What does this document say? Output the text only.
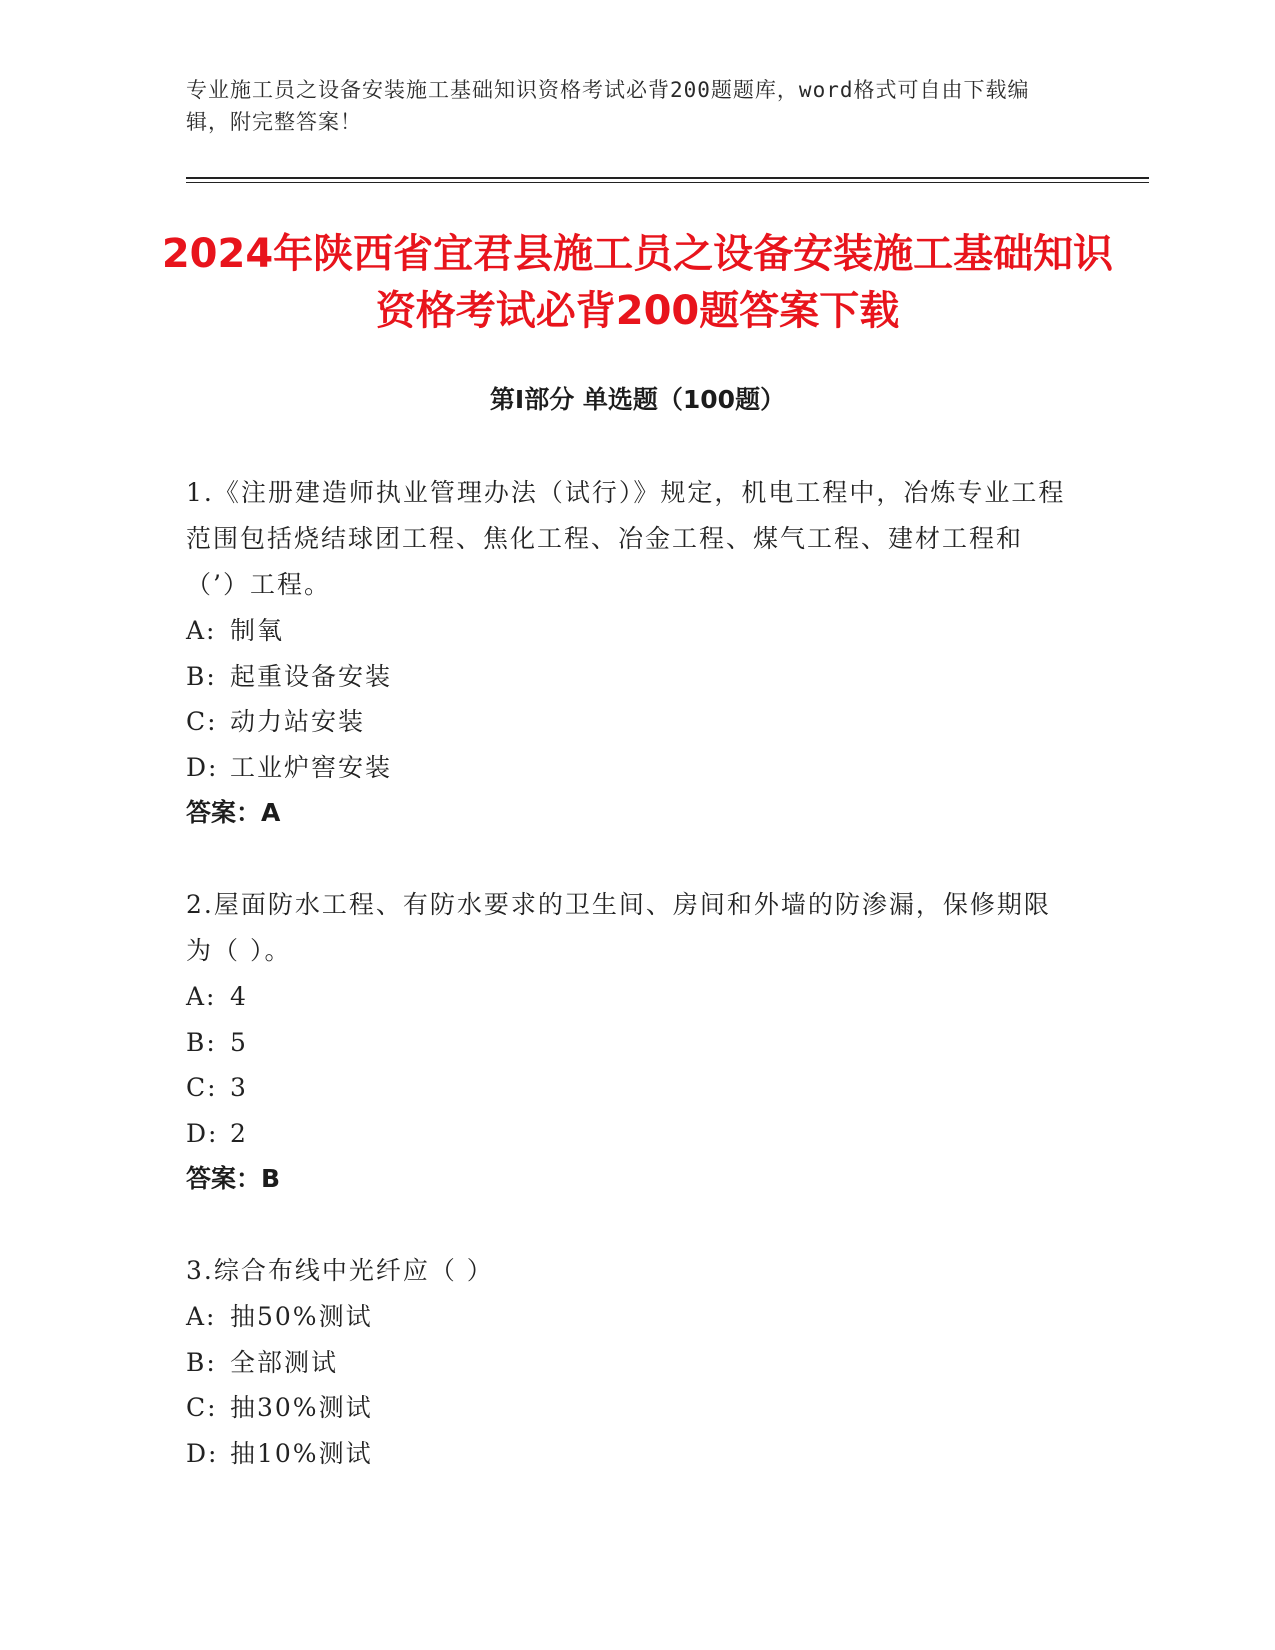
专业施工员之设备安装施工基础知识资格考试必背200题题库，word格式可自由下载编辑，附完整答案！
2024年陕西省宜君县施工员之设备安装施工基础知识资格考试必背200题答案下载
第I部分 单选题（100题）

1.《注册建造师执业管理办法（试行）》规定，机电工程中，冶炼专业工程范围包括烧结球团工程、焦化工程、冶金工程、煤气工程、建材工程和（’）工程。

A: 制氧

B: 起重设备安装

C: 动力站安装

D: 工业炉窖安装

答案：A

2.屋面防水工程、有防水要求的卫生间、房间和外墙的防渗漏，保修期限为（ ）。

A: 4

B: 5

C: 3

D: 2

答案：B

3.综合布线中光纤应（ ）

A: 抽50%测试

B: 全部测试

C: 抽30%测试

D: 抽10%测试
